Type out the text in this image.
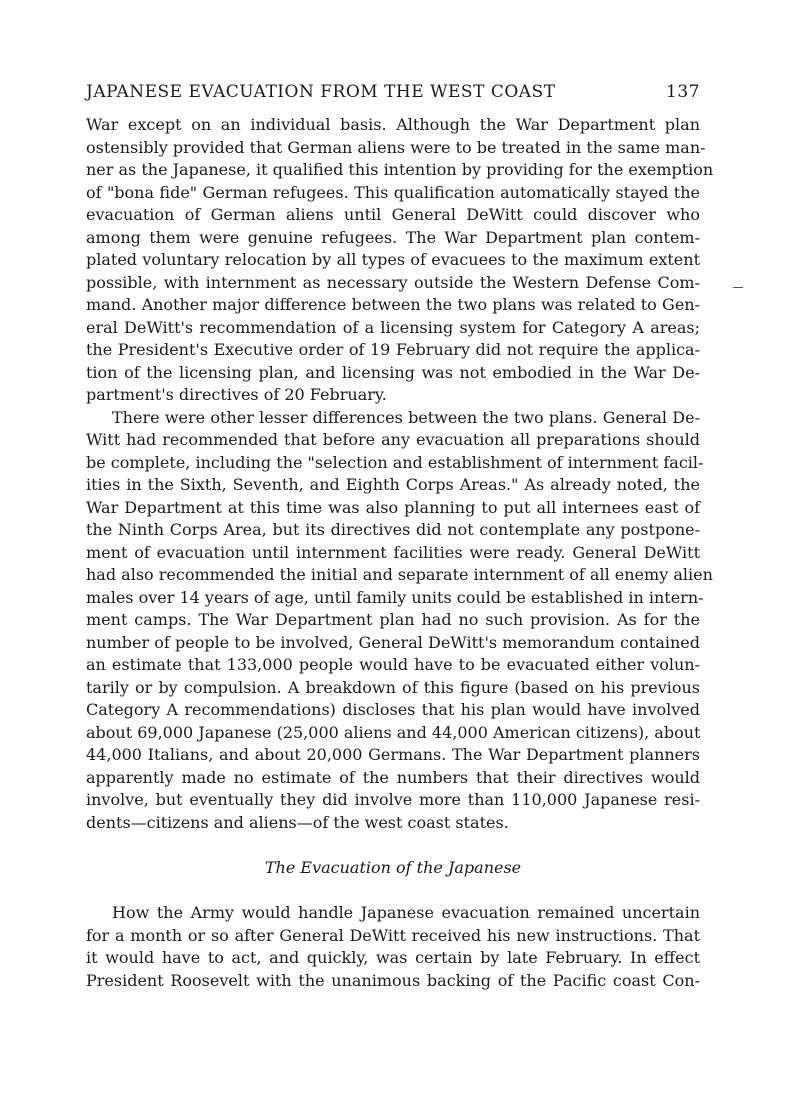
JAPANESE EVACUATION FROM THE WEST COAST	137
War except on an individual basis. Although the War Department plan
ostensibly provided that German aliens were to be treated in the same man-
ner as the Japanese, it qualified this intention by providing for the exemption
of "bona fide" German refugees. This qualification automatically stayed the
evacuation of German aliens until General DeWitt could discover who
among them were genuine refugees. The War Department plan contem-
plated voluntary relocation by all types of evacuees to the maximum extent
possible, with internment as necessary outside the Western Defense Com-
mand. Another major difference between the two plans was related to Gen-
eral DeWitt's recommendation of a licensing system for Category A areas;
the President's Executive order of 19 February did not require the applica-
tion of the licensing plan, and licensing was not embodied in the War De-
partment's directives of 20 February.
There were other lesser differences between the two plans. General De-
Witt had recommended that before any evacuation all preparations should
be complete, including the "selection and establishment of internment facil-
ities in the Sixth, Seventh, and Eighth Corps Areas." As already noted, the
War Department at this time was also planning to put all internees east of
the Ninth Corps Area, but its directives did not contemplate any postpone-
ment of evacuation until internment facilities were ready. General DeWitt
had also recommended the initial and separate internment of all enemy alien
males over 14 years of age, until family units could be established in intern-
ment camps. The War Department plan had no such provision. As for the
number of people to be involved, General DeWitt's memorandum contained
an estimate that 133,000 people would have to be evacuated either volun-
tarily or by compulsion. A breakdown of this figure (based on his previous
Category A recommendations) discloses that his plan would have involved
about 69,000 Japanese (25,000 aliens and 44,000 American citizens), about
44,000 Italians, and about 20,000 Germans. The War Department planners
apparently made no estimate of the numbers that their directives would
involve, but eventually they did involve more than 110,000 Japanese resi-
dents—citizens and aliens—of the west coast states.
The Evacuation of the Japanese
How the Army would handle Japanese evacuation remained uncertain
for a month or so after General DeWitt received his new instructions. That
it would have to act, and quickly, was certain by late February. In effect
President Roosevelt with the unanimous backing of the Pacific coast Con-
